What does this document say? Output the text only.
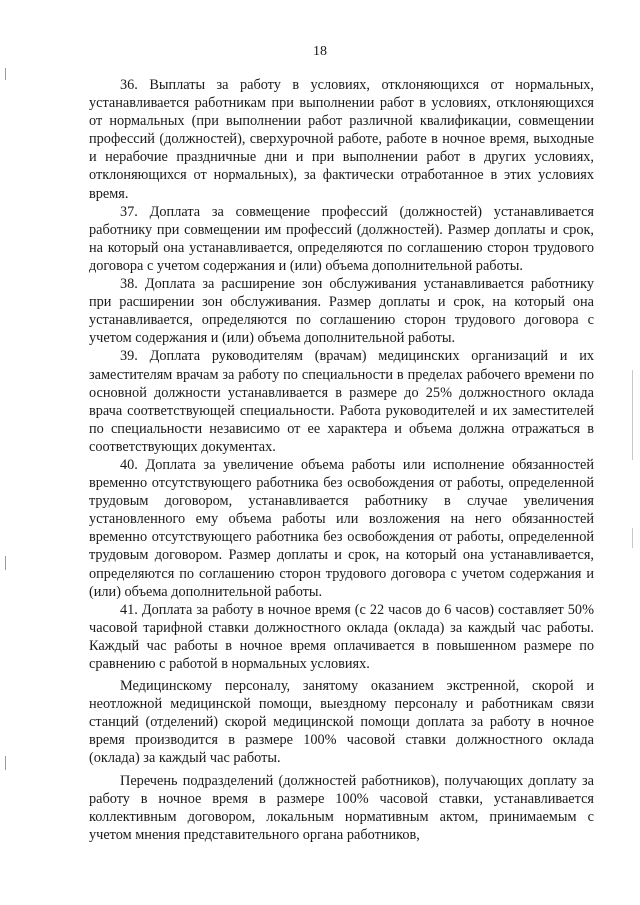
18

36. Выплаты за работу в условиях, отклоняющихся от нормальных, устанавливается работникам при выполнении работ в условиях, отклоняющихся от нормальных (при выполнении работ различной квалификации, совмещении профессий (должностей), сверхурочной работе, работе в ночное время, выходные и нерабочие праздничные дни и при выполнении работ в других условиях, отклоняющихся от нормальных), за фактически отработанное в этих условиях время.

37. Доплата за совмещение профессий (должностей) устанавливается работнику при совмещении им профессий (должностей). Размер доплаты и срок, на который она устанавливается, определяются по соглашению сторон трудового договора с учетом содержания и (или) объема дополнительной работы.

38. Доплата за расширение зон обслуживания устанавливается работнику при расширении зон обслуживания. Размер доплаты и срок, на который она устанавливается, определяются по соглашению сторон трудового договора с учетом содержания и (или) объема дополнительной работы.

39. Доплата руководителям (врачам) медицинских организаций и их заместителям врачам за работу по специальности в пределах рабочего времени по основной должности устанавливается в размере до 25% должностного оклада врача соответствующей специальности. Работа руководителей и их заместителей по специальности независимо от ее характера и объема должна отражаться в соответствующих документах.

40. Доплата за увеличение объема работы или исполнение обязанностей временно отсутствующего работника без освобождения от работы, определенной трудовым договором, устанавливается работнику в случае увеличения установленного ему объема работы или возложения на него обязанностей временно отсутствующего работника без освобождения от работы, определенной трудовым договором. Размер доплаты и срок, на который она устанавливается, определяются по соглашению сторон трудового договора с учетом содержания и (или) объема дополнительной работы.

41. Доплата за работу в ночное время (с 22 часов до 6 часов) составляет 50% часовой тарифной ставки должностного оклада (оклада) за каждый час работы. Каждый час работы в ночное время оплачивается в повышенном размере по сравнению с работой в нормальных условиях.

Медицинскому персоналу, занятому оказанием экстренной, скорой и неотложной медицинской помощи, выездному персоналу и работникам связи станций (отделений) скорой медицинской помощи доплата за работу в ночное время производится в размере 100% часовой ставки должностного оклада (оклада) за каждый час работы.

Перечень подразделений (должностей работников), получающих доплату за работу в ночное время в размере 100% часовой ставки, устанавливается коллективным договором, локальным нормативным актом, принимаемым с учетом мнения представительного органа работников,
